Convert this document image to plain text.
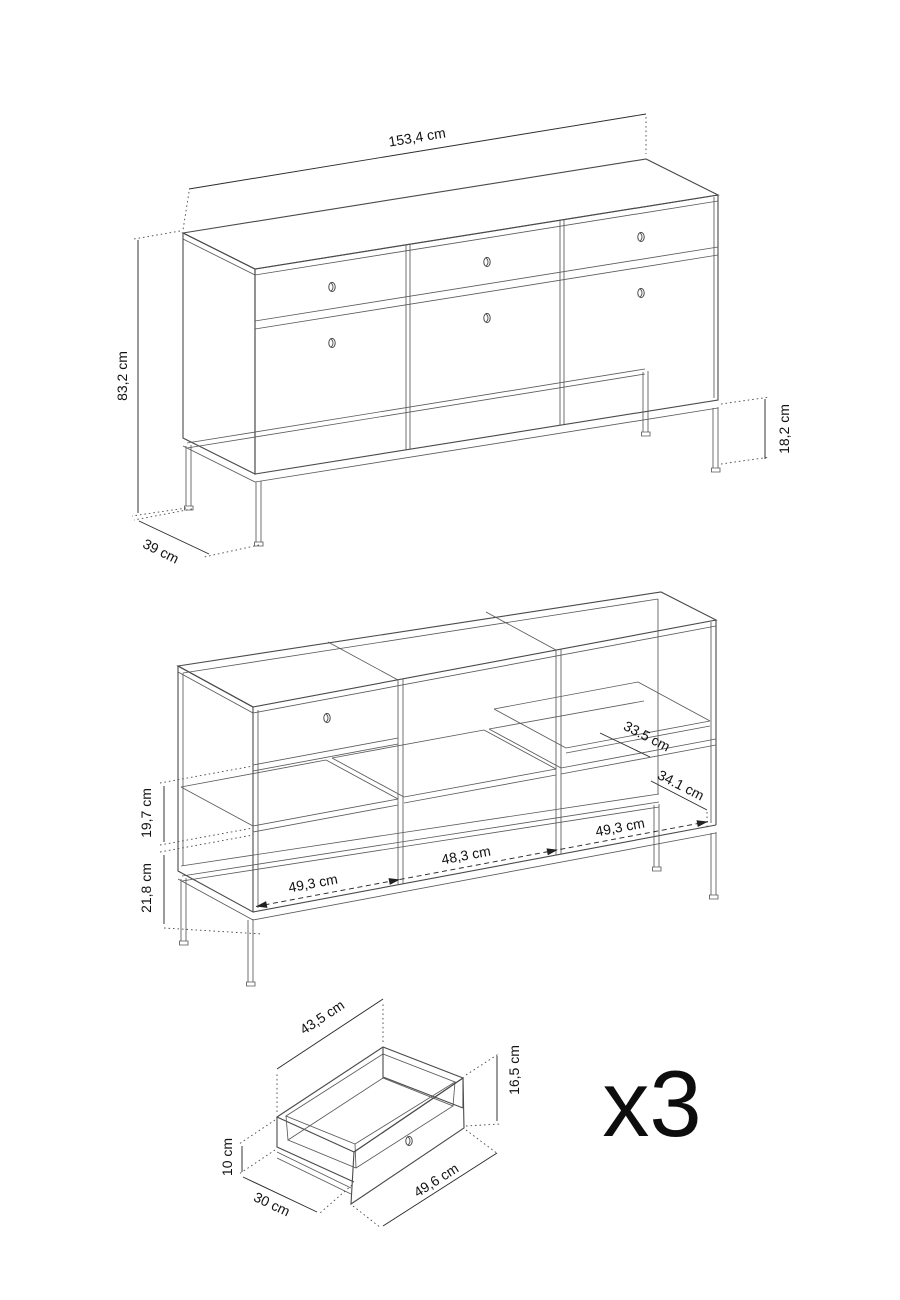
153,4 cm
83,2 cm
39 cm
18,2 cm
19,7 cm
21,8 cm
33.5 cm
34.1 cm
49,3 cm
48,3 cm
49,3 cm
43,5 cm
16,5 cm
10 cm
30 cm
49,6 cm
x3
